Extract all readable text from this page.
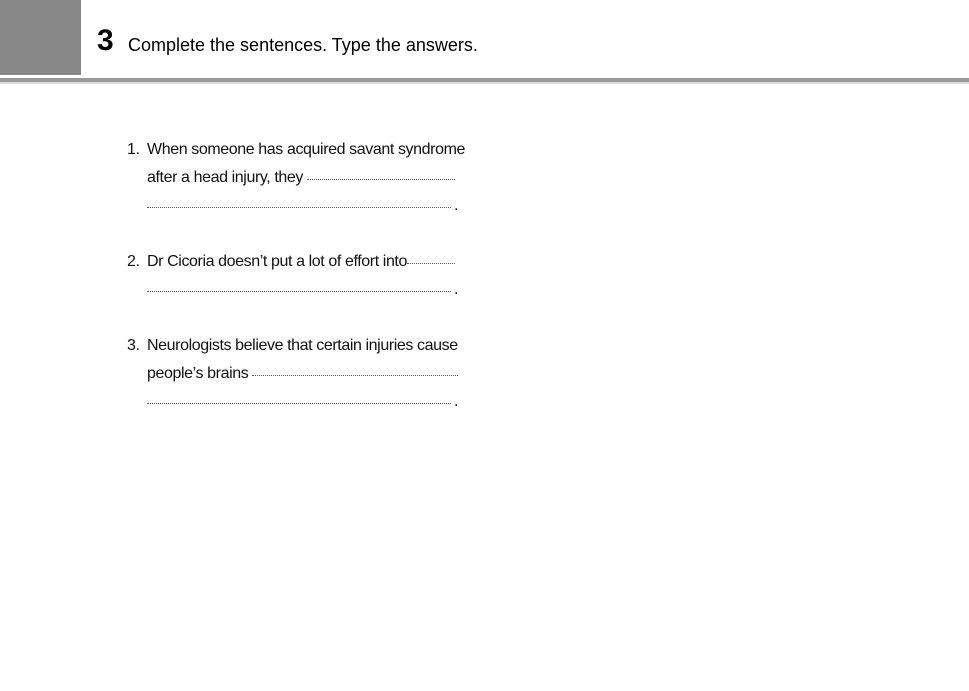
3 Complete the sentences. Type the answers.
1. When someone has acquired savant syndrome
after a head injury, they
.
2. Dr Cicoria doesn’t put a lot of effort into
.
3. Neurologists believe that certain injuries cause
people’s brains
.
